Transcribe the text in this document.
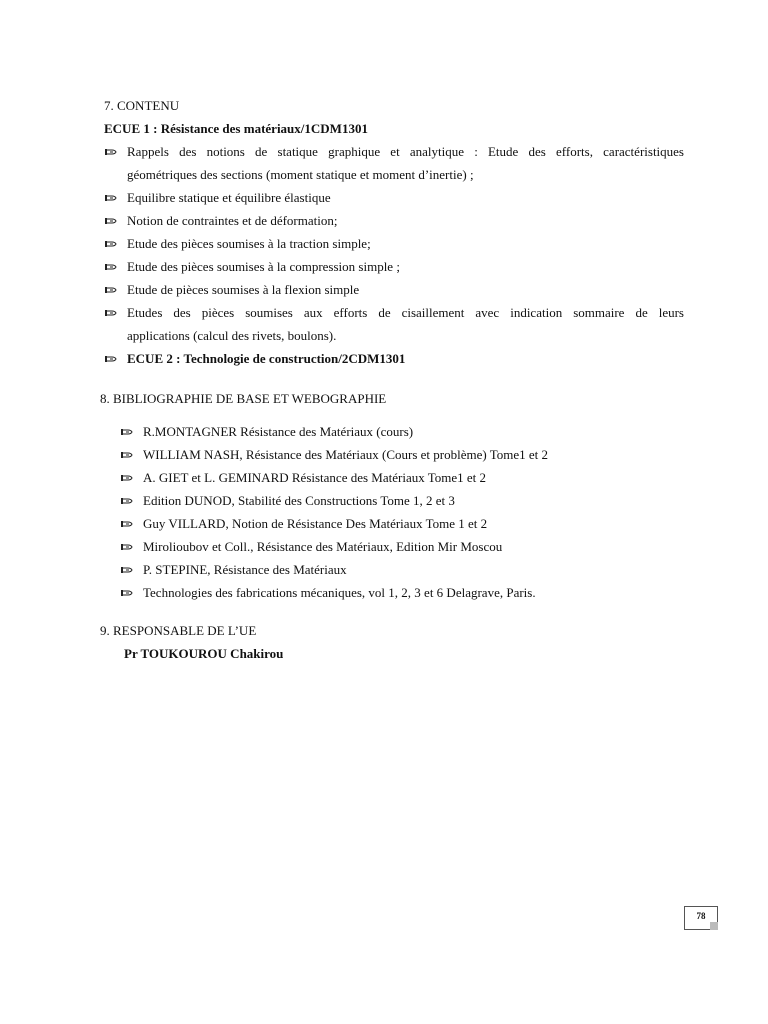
7. CONTENU
ECUE 1 : Résistance des matériaux/1CDM1301
Rappels des notions de statique graphique et analytique : Etude des efforts, caractéristiques
géométriques des sections (moment statique et moment d’inertie) ;
Equilibre statique et équilibre élastique
Notion de contraintes et de déformation;
Etude des pièces soumises à la traction simple;
Etude des pièces soumises à la compression simple ;
Etude de pièces soumises à la flexion simple
Etudes des pièces soumises aux efforts de cisaillement avec indication sommaire de leurs
applications (calcul des rivets, boulons).
ECUE 2 : Technologie de construction/2CDM1301
8. BIBLIOGRAPHIE DE BASE ET WEBOGRAPHIE
R.MONTAGNER Résistance des Matériaux (cours)
WILLIAM NASH, Résistance des Matériaux (Cours et problème) Tome1 et 2
A. GIET et L. GEMINARD Résistance des Matériaux Tome1 et 2
Edition DUNOD, Stabilité des Constructions Tome 1, 2 et 3
Guy VILLARD, Notion de Résistance Des Matériaux Tome 1 et 2
Mirolioubov et Coll., Résistance des Matériaux, Edition Mir Moscou
P. STEPINE, Résistance des Matériaux
Technologies des fabrications mécaniques, vol 1, 2, 3 et 6 Delagrave, Paris.
9. RESPONSABLE DE L’UE
Pr TOUKOUROU Chakirou
78
